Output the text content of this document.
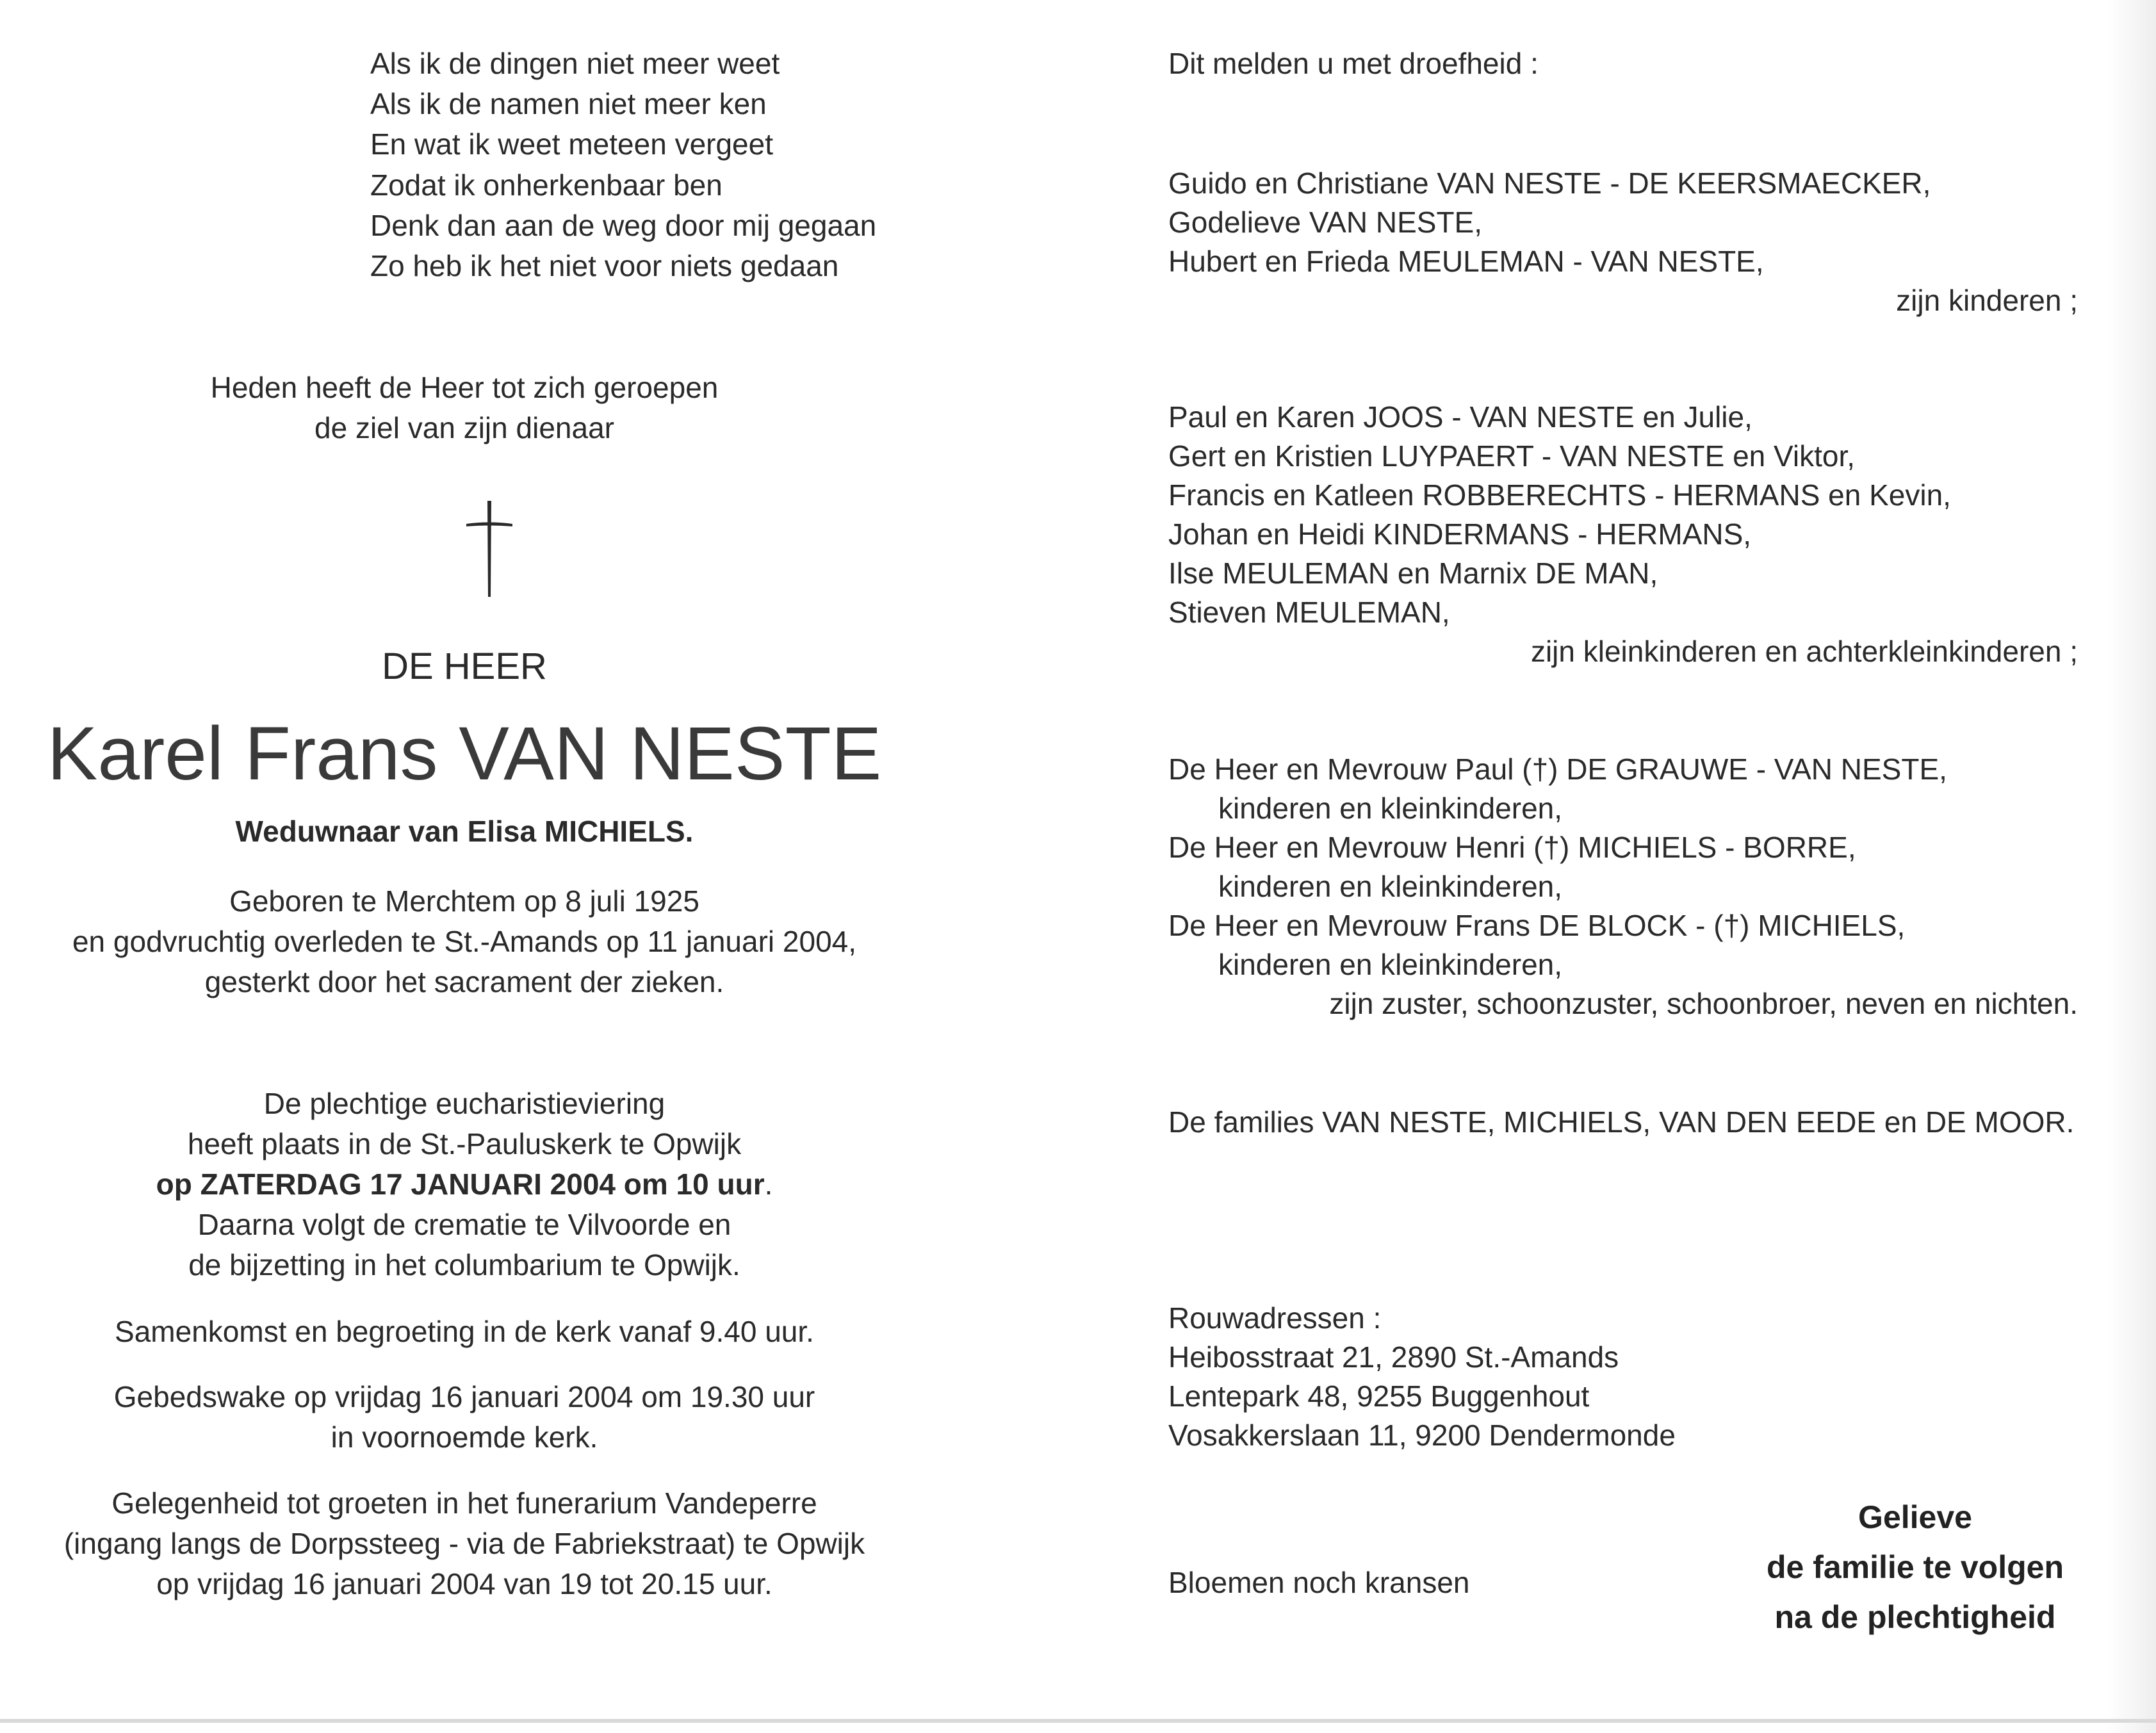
Als ik de dingen niet meer weet
Als ik de namen niet meer ken
En wat ik weet meteen vergeet
Zodat ik onherkenbaar ben
Denk dan aan de weg door mij gegaan
Zo heb ik het niet voor niets gedaan
Heden heeft de Heer tot zich geroepen
de ziel van zijn dienaar
DE HEER
Karel Frans VAN NESTE
Weduwnaar van Elisa MICHIELS.
Geboren te Merchtem op 8 juli 1925
en godvruchtig overleden te St.-Amands op 11 januari 2004,
gesterkt door het sacrament der zieken.
De plechtige eucharistieviering
heeft plaats in de St.-Pauluskerk te Opwijk
op ZATERDAG 17 JANUARI 2004 om 10 uur.
Daarna volgt de crematie te Vilvoorde en
de bijzetting in het columbarium te Opwijk.
Samenkomst en begroeting in de kerk vanaf 9.40 uur.
Gebedswake op vrijdag 16 januari 2004 om 19.30 uur
in voornoemde kerk.
Gelegenheid tot groeten in het funerarium Vandeperre
(ingang langs de Dorpssteeg - via de Fabriekstraat) te Opwijk
op vrijdag 16 januari 2004 van 19 tot 20.15 uur.
Dit melden u met droefheid :
Guido en Christiane VAN NESTE - DE KEERSMAECKER,
Godelieve VAN NESTE,
Hubert en Frieda MEULEMAN - VAN NESTE,
zijn kinderen ;
Paul en Karen JOOS - VAN NESTE en Julie,
Gert en Kristien LUYPAERT - VAN NESTE en Viktor,
Francis en Katleen ROBBERECHTS - HERMANS en Kevin,
Johan en Heidi KINDERMANS - HERMANS,
Ilse MEULEMAN en Marnix DE MAN,
Stieven MEULEMAN,
zijn kleinkinderen en achterkleinkinderen ;
De Heer en Mevrouw Paul (†) DE GRAUWE - VAN NESTE,
kinderen en kleinkinderen,
De Heer en Mevrouw Henri (†) MICHIELS - BORRE,
kinderen en kleinkinderen,
De Heer en Mevrouw Frans DE BLOCK - (†) MICHIELS,
kinderen en kleinkinderen,
zijn zuster, schoonzuster, schoonbroer, neven en nichten.
De families VAN NESTE, MICHIELS, VAN DEN EEDE en DE MOOR.
Rouwadressen :
Heibosstraat 21, 2890 St.-Amands
Lentepark 48, 9255 Buggenhout
Vosakkerslaan 11, 9200 Dendermonde
Bloemen noch kransen
Gelieve
de familie te volgen
na de plechtigheid
